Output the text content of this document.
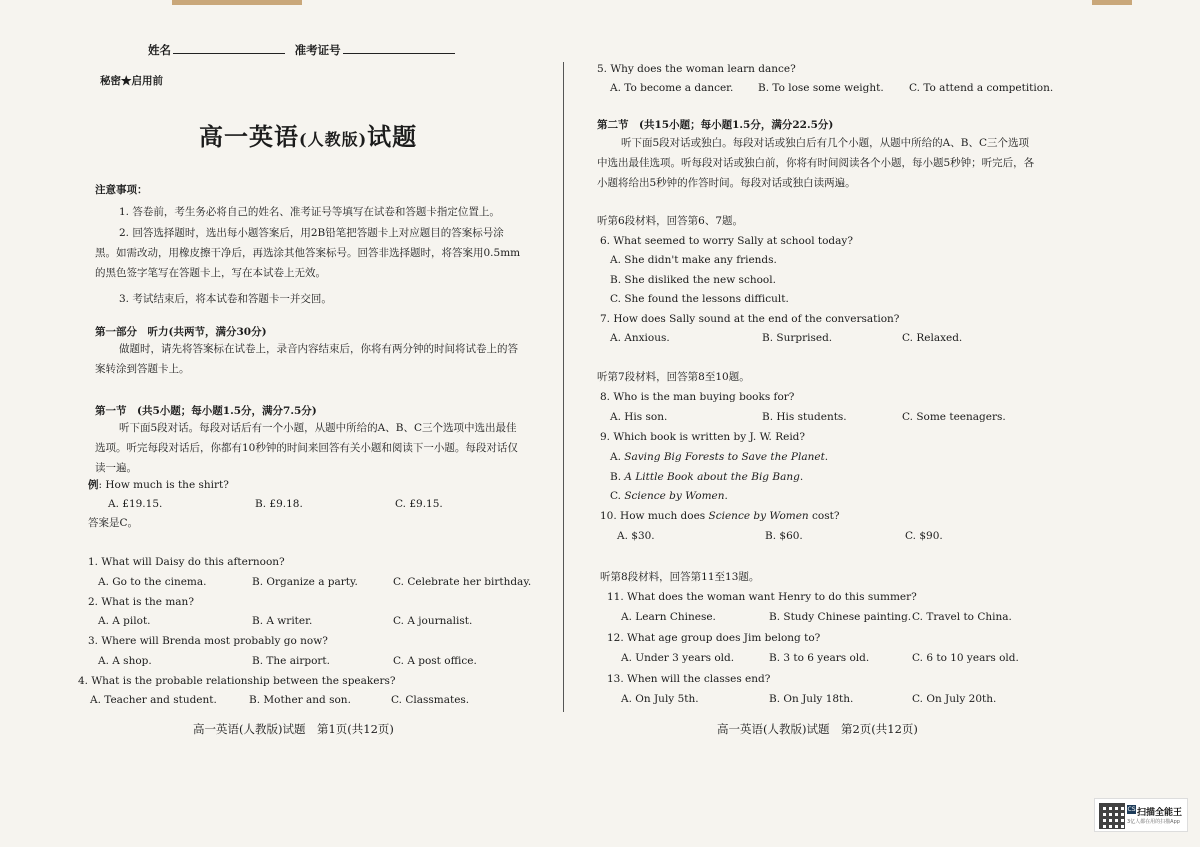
姓名	准考证号
秘密★启用前
高一英语(人教版)试题
注意事项：
1. 答卷前，考生务必将自己的姓名、准考证号等填写在试卷和答题卡指定位置上。
2. 回答选择题时，选出每小题答案后，用2B铅笔把答题卡上对应题目的答案标号涂黑。如需改动，用橡皮擦干净后，再选涂其他答案标号。回答非选择题时，将答案用0.5mm的黑色签字笔写在答题卡上，写在本试卷上无效。
3. 考试结束后，将本试卷和答题卡一并交回。
第一部分　听力(共两节，满分30分)
做题时，请先将答案标在试卷上，录音内容结束后，你将有两分钟的时间将试卷上的答案转涂到答题卡上。
第一节　(共5小题；每小题1.5分，满分7.5分)
听下面5段对话。每段对话后有一个小题，从题中所给的A、B、C三个选项中选出最佳选项。听完每段对话后，你都有10秒钟的时间来回答有关小题和阅读下一小题。每段对话仅读一遍。
例: How much is the shirt?
A. £19.15.	B. £9.18.	C. £9.15.
答案是C。
1. What will Daisy do this afternoon?
A. Go to the cinema.	B. Organize a party.	C. Celebrate her birthday.
2. What is the man?
A. A pilot.	B. A writer.	C. A journalist.
3. Where will Brenda most probably go now?
A. A shop.	B. The airport.	C. A post office.
4. What is the probable relationship between the speakers?
A. Teacher and student.	B. Mother and son.	C. Classmates.
高一英语(人教版)试题　第1页(共12页)
5. Why does the woman learn dance?
A. To become a dancer. B. To lose some weight. C. To attend a competition.
第二节　(共15小题；每小题1.5分，满分22.5分)
听下面5段对话或独白。每段对话或独白后有几个小题，从题中所给的A、B、C三个选项中选出最佳选项。听每段对话或独白前，你将有时间阅读各个小题，每小题5秒钟；听完后，各小题将给出5秒钟的作答时间。每段对话或独白读两遍。
听第6段材料，回答第6、7题。
6. What seemed to worry Sally at school today?
A. She didn't make any friends.
B. She disliked the new school.
C. She found the lessons difficult.
7. How does Sally sound at the end of the conversation?
A. Anxious.	B. Surprised.	C. Relaxed.
听第7段材料，回答第8至10题。
8. Who is the man buying books for?
A. His son.	B. His students.	C. Some teenagers.
9. Which book is written by J. W. Reid?
A. Saving Big Forests to Save the Planet.
B. A Little Book about the Big Bang.
C. Science by Women.
10. How much does Science by Women cost?
A. $30.	B. $60.	C. $90.
听第8段材料，回答第11至13题。
11. What does the woman want Henry to do this summer?
A. Learn Chinese.	B. Study Chinese painting. C. Travel to China.
12. What age group does Jim belong to?
A. Under 3 years old.	B. 3 to 6 years old.	C. 6 to 10 years old.
13. When will the classes end?
A. On July 5th.	B. On July 18th.	C. On July 20th.
高一英语(人教版)试题　第2页(共12页)
CS 扫描全能王
3亿人都在用的扫描App
